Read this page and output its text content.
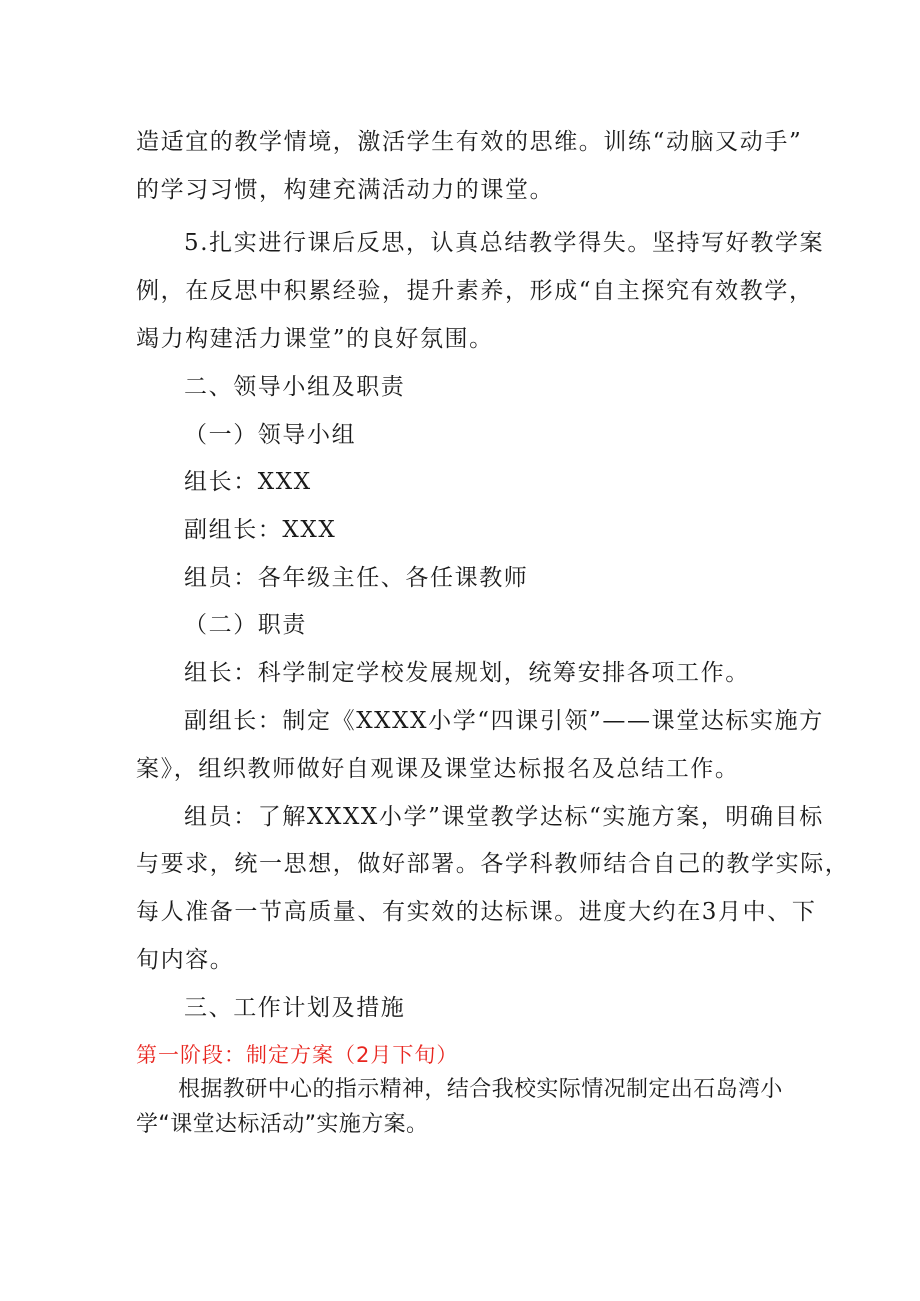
造适宜的教学情境，激活学生有效的思维。训练“动脑又动手”

的学习习惯，构建充满活动力的课堂。

5.扎实进行课后反思，认真总结教学得失。坚持写好教学案

例，在反思中积累经验，提升素养，形成“自主探究有效教学，

竭力构建活力课堂”的良好氛围。

二、领导小组及职责

（一）领导小组

组长：XXX

副组长：XXX

组员：各年级主任、各任课教师

（二）职责

组长：科学制定学校发展规划，统筹安排各项工作。

副组长：制定《XXXX小学“四课引领”——课堂达标实施方

案》，组织教师做好自观课及课堂达标报名及总结工作。

组员：了解XXXX小学”课堂教学达标“实施方案，明确目标

与要求，统一思想，做好部署。各学科教师结合自己的教学实际，

每人准备一节高质量、有实效的达标课。进度大约在3月中、下

旬内容。

三、工作计划及措施

第一阶段：制定方案（2月下旬）

根据教研中心的指示精神，结合我校实际情况制定出石岛湾小

学“课堂达标活动”实施方案。
